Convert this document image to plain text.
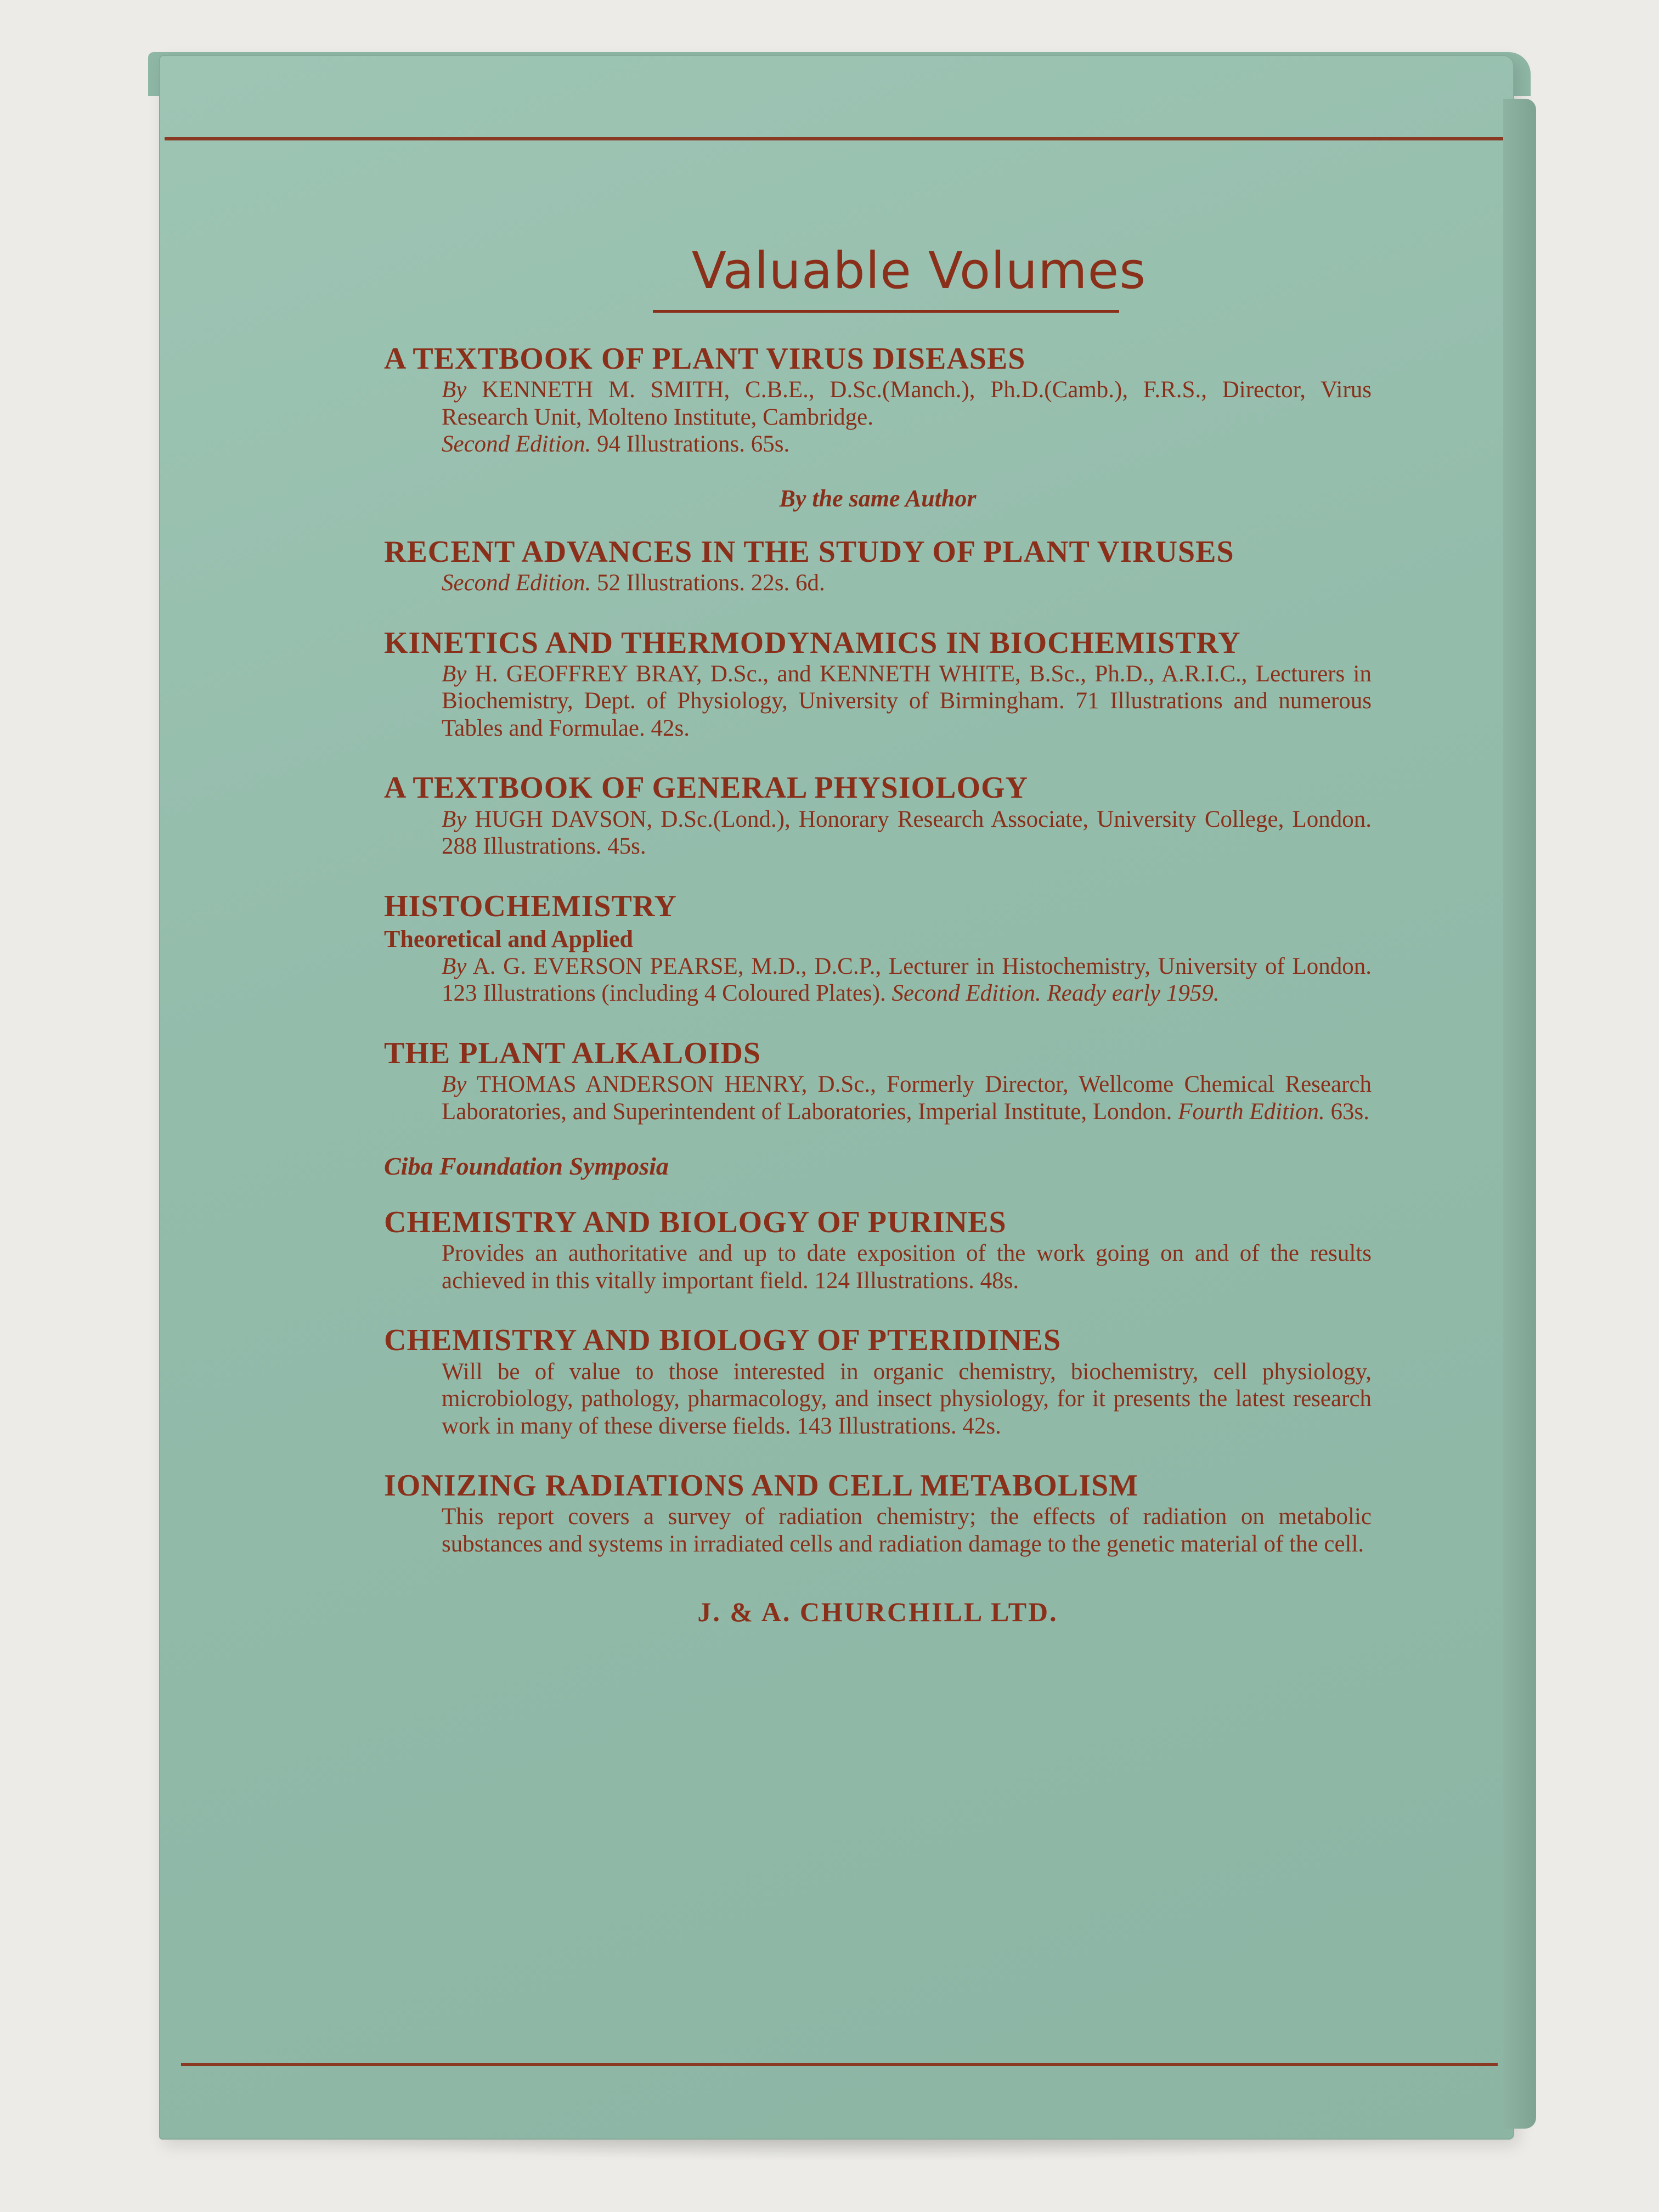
Valuable Volumes
A TEXTBOOK OF PLANT VIRUS DISEASES
By KENNETH M. SMITH, C.B.E., D.Sc.(Manch.), Ph.D.(Camb.), F.R.S., Director, Virus Research Unit, Molteno Institute, Cambridge.
Second Edition. 94 Illustrations. 65s.
By the same Author
RECENT ADVANCES IN THE STUDY OF PLANT VIRUSES
Second Edition. 52 Illustrations. 22s. 6d.
KINETICS AND THERMODYNAMICS IN BIOCHEMISTRY
By H. GEOFFREY BRAY, D.Sc., and KENNETH WHITE, B.Sc., Ph.D., A.R.I.C., Lecturers in Biochemistry, Dept. of Physiology, University of Birmingham. 71 Illustrations and numerous Tables and Formulae. 42s.
A TEXTBOOK OF GENERAL PHYSIOLOGY
By HUGH DAVSON, D.Sc.(Lond.), Honorary Research Associate, University College, London. 288 Illustrations. 45s.
HISTOCHEMISTRY
Theoretical and Applied
By A. G. EVERSON PEARSE, M.D., D.C.P., Lecturer in Histochemistry, University of London. 123 Illustrations (including 4 Coloured Plates). Second Edition. Ready early 1959.
THE PLANT ALKALOIDS
By THOMAS ANDERSON HENRY, D.Sc., Formerly Director, Wellcome Chemical Research Laboratories, and Superintendent of Laboratories, Imperial Institute, London. Fourth Edition. 63s.
Ciba Foundation Symposia
CHEMISTRY AND BIOLOGY OF PURINES
Provides an authoritative and up to date exposition of the work going on and of the results achieved in this vitally important field. 124 Illustrations. 48s.
CHEMISTRY AND BIOLOGY OF PTERIDINES
Will be of value to those interested in organic chemistry, biochemistry, cell physiology, microbiology, pathology, pharmacology, and insect physiology, for it presents the latest research work in many of these diverse fields. 143 Illustrations. 42s.
IONIZING RADIATIONS AND CELL METABOLISM
This report covers a survey of radiation chemistry; the effects of radiation on metabolic substances and systems in irradiated cells and radiation damage to the genetic material of the cell.
J. & A. CHURCHILL LTD.
